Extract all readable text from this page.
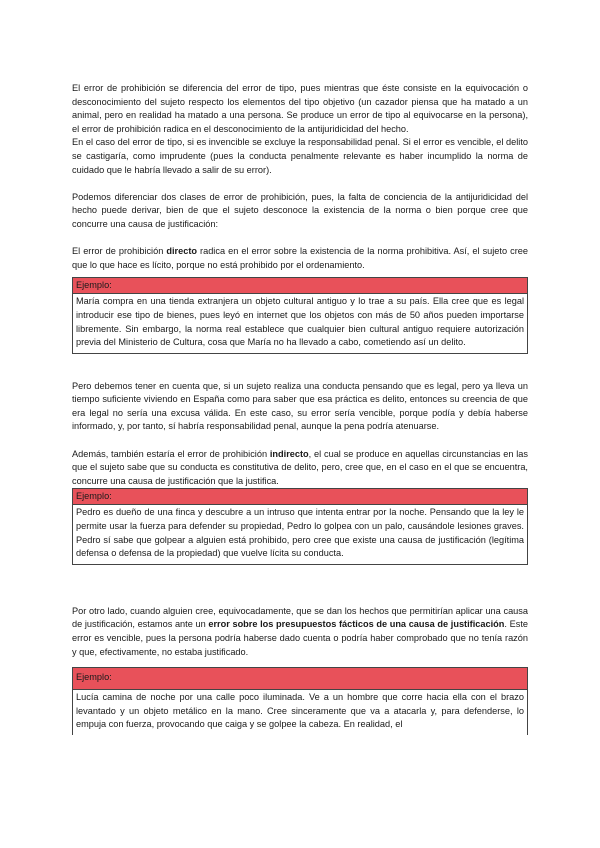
El error de prohibición se diferencia del error de tipo, pues mientras que éste consiste en la equivocación o desconocimiento del sujeto respecto los elementos del tipo objetivo (un cazador piensa que ha matado a un animal, pero en realidad ha matado a una persona. Se produce un error de tipo al equivocarse en la persona), el error de prohibición radica en el desconocimiento de la antijuridicidad del hecho.
En el caso del error de tipo, si es invencible se excluye la responsabilidad penal. Si el error es vencible, el delito se castigaría, como imprudente (pues la conducta penalmente relevante es haber incumplido la norma de cuidado que le habría llevado a salir de su error).

Podemos diferenciar dos clases de error de prohibición, pues, la falta de conciencia de la antijuridicidad del hecho puede derivar, bien de que el sujeto desconoce la existencia de la norma o bien porque cree que concurre una causa de justificación:

El error de prohibición directo radica en el error sobre la existencia de la norma prohibitiva. Así, el sujeto cree que lo que hace es lícito, porque no está prohibido por el ordenamiento.

Ejemplo:
María compra en una tienda extranjera un objeto cultural antiguo y lo trae a su país. Ella cree que es legal introducir ese tipo de bienes, pues leyó en internet que los objetos con más de 50 años pueden importarse libremente. Sin embargo, la norma real establece que cualquier bien cultural antiguo requiere autorización previa del Ministerio de Cultura, cosa que María no ha llevado a cabo, cometiendo así un delito.

Pero debemos tener en cuenta que, si un sujeto realiza una conducta pensando que es legal, pero ya lleva un tiempo suficiente viviendo en España como para saber que esa práctica es delito, entonces su creencia de que era legal no sería una excusa válida. En este caso, su error sería vencible, porque podía y debía haberse informado, y, por tanto, sí habría responsabilidad penal, aunque la pena podría atenuarse.

Además, también estaría el error de prohibición indirecto, el cual se produce en aquellas circunstancias en las que el sujeto sabe que su conducta es constitutiva de delito, pero, cree que, en el caso en el que se encuentra, concurre una causa de justificación que la justifica.

Ejemplo:
Pedro es dueño de una finca y descubre a un intruso que intenta entrar por la noche. Pensando que la ley le permite usar la fuerza para defender su propiedad, Pedro lo golpea con un palo, causándole lesiones graves. Pedro sí sabe que golpear a alguien está prohibido, pero cree que existe una causa de justificación (legítima defensa o defensa de la propiedad) que vuelve lícita su conducta.

Por otro lado, cuando alguien cree, equivocadamente, que se dan los hechos que permitirían aplicar una causa de justificación, estamos ante un error sobre los presupuestos fácticos de una causa de justificación. Este error es vencible, pues la persona podría haberse dado cuenta o podría haber comprobado que no tenía razón y que, efectivamente, no estaba justificado.

Ejemplo:
Lucía camina de noche por una calle poco iluminada. Ve a un hombre que corre hacia ella con el brazo levantado y un objeto metálico en la mano. Cree sinceramente que va a atacarla y, para defenderse, lo empuja con fuerza, provocando que caiga y se golpee la cabeza. En realidad, el
